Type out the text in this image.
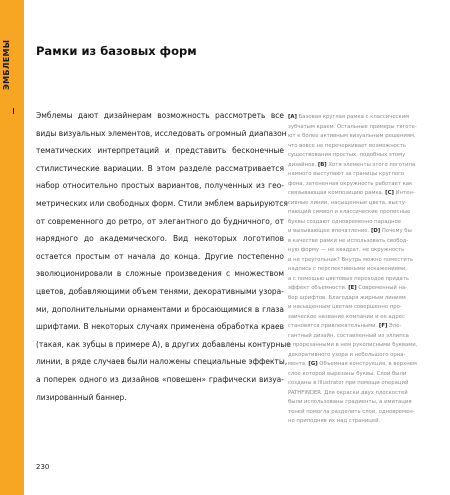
ЭМБЛЕМЫ	Рамки из базовых форм
Эмблемы дают дизайнерам возможность рассмотреть все
виды визуальных элементов, исследовать огромный диапазон
тематических интерпретаций и представить бесконечные
стилистические вариации. В этом разделе рассматривается
набор относительно простых вариантов, полученных из гео-
метрических или свободных форм. Стили эмблем варьируются
от современного до ретро, от элегантного до будничного, от
нарядного до академического. Вид некоторых логотипов
остается простым от начала до конца. Другие постепенно
эволюционировали в сложные произведения с множеством
цветов, добавляющими объем тенями, декоративными узора-
ми, дополнительными орнаментами и бросающимися в глаза
шрифтами. В некоторых случаях применена обработка краев
(такая, как зубцы в примере A), в других добавлены контурные
линии, в ряде случаев были наложены специальные эффекты,
а поперек одного из дизайнов «повешен» графически визуа-
лизированный баннер.
[A] Базовая круглая рамка с классическим
зубчатым краем. Остальные примеры тяготе-
ют к более активным визуальным решениям,
что вовсе не перечеркивает возможность
существования простых, подобных этому
дизайнов. [B] Хотя элементы этого логотипа
намного выступают за границы круглого
фона, затененная окружность работает как
связывающая композицию рамка. [C] Интен-
сивные линии, насыщенные цвета, высту-
пающий символ и классические прописные
буквы создают одновременно парадное
и вызывающее впечатление. [D] Почему бы
в качестве рамки не использовать свобод-
ную форму — не квадрат, не окружность
и не треугольник? Внутрь можно поместить
надпись с перспективными искажениями,
а с помощью цветовых переходов придать
эффект объемности. [E] Современный на-
бор шрифтов. Благодаря жирным линиям
и насыщенным цветам совершенно про-
заическое название компании и ее адрес
становятся привлекательными. [F] Эле-
гантный дизайн, составленный из эллипса
с прорезанными в нем рукописными буквами,
декоративного узора и небольшого орна-
мента. [G] Объемная конструкция, в верхнем
слое которой вырезаны буквы. Слои были
созданы в Illustrator при помощи операций
PATHFINDER. Для окраски двух плоскостей
были использованы градиенты, а имитация
теней помогла разделить слои, одновремен-
но приподняв их над страницей.
230
